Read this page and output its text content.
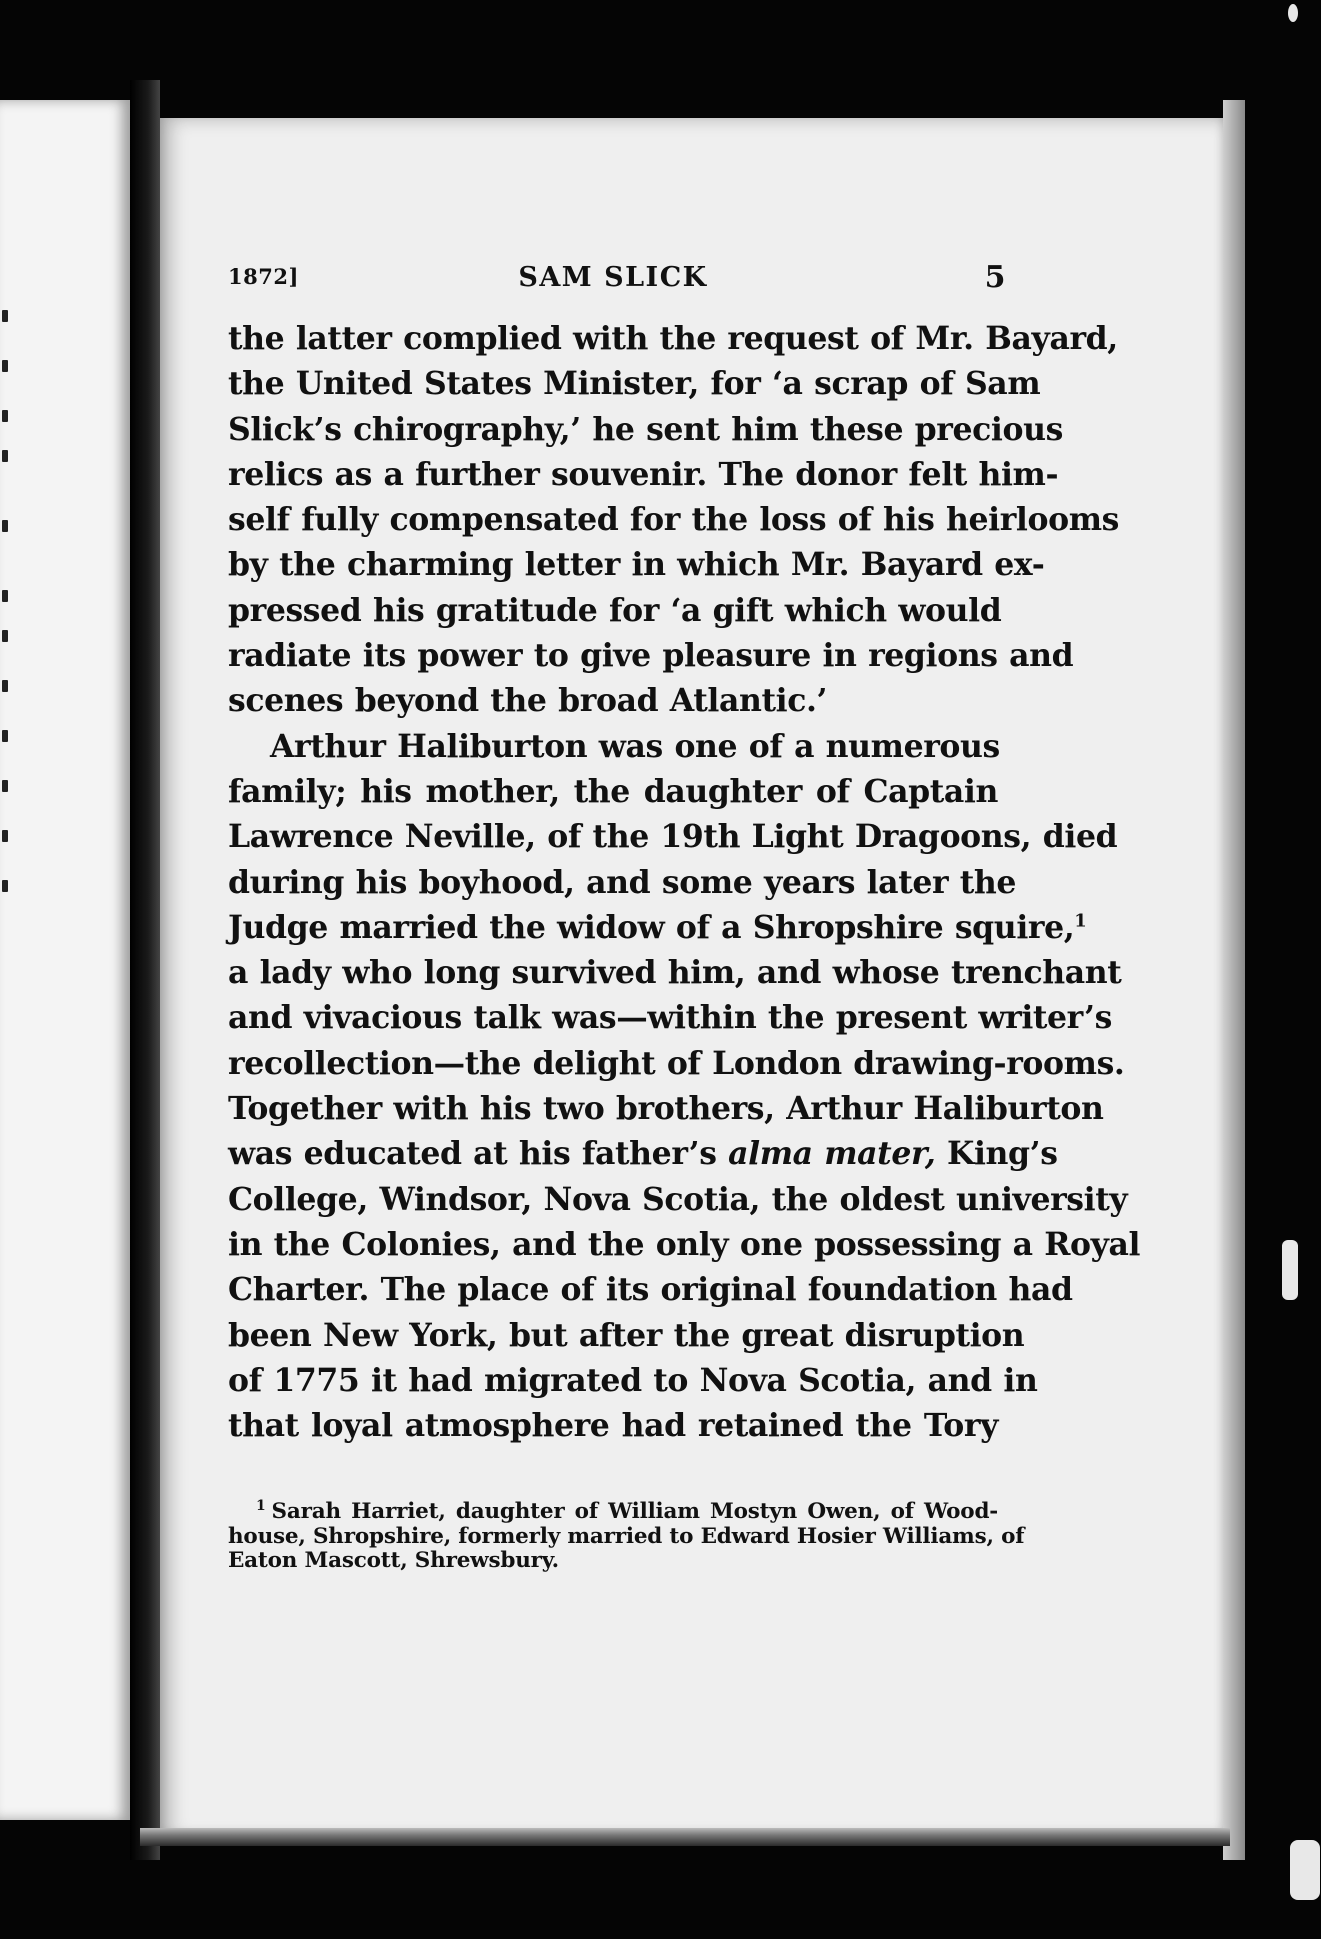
1872]	SAM SLICK	5

the latter complied with the request of Mr. Bayard,
the United States Minister, for ‘a scrap of Sam
Slick’s chirography,’ he sent him these precious
relics as a further souvenir. The donor felt him-
self fully compensated for the loss of his heirlooms
by the charming letter in which Mr. Bayard ex-
pressed his gratitude for ‘a gift which would
radiate its power to give pleasure in regions and
scenes beyond the broad Atlantic.’

Arthur Haliburton was one of a numerous
family; his mother, the daughter of Captain
Lawrence Neville, of the 19th Light Dragoons, died
during his boyhood, and some years later the
Judge married the widow of a Shropshire squire,$^1$
a lady who long survived him, and whose trenchant
and vivacious talk was—within the present writer’s
recollection—the delight of London drawing-rooms.
Together with his two brothers, Arthur Haliburton
was educated at his father’s alma mater, King’s
College, Windsor, Nova Scotia, the oldest university
in the Colonies, and the only one possessing a Royal
Charter. The place of its original foundation had
been New York, but after the great disruption
of 1775 it had migrated to Nova Scotia, and in
that loyal atmosphere had retained the Tory

$^1$ Sarah Harriet, daughter of William Mostyn Owen, of Wood-
house, Shropshire, formerly married to Edward Hosier Williams, of
Eaton Mascott, Shrewsbury.
